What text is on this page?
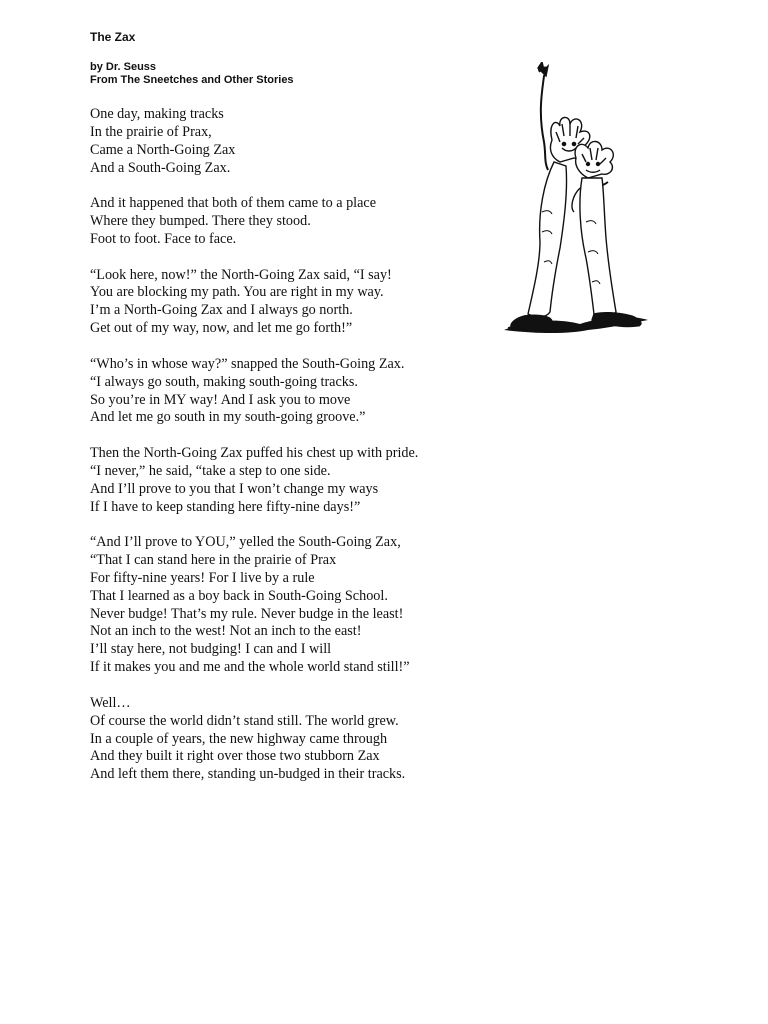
The Zax
by Dr. Seuss
From The Sneetches and Other Stories
One day, making tracks
In the prairie of Prax,
Came a North-Going Zax
And a South-Going Zax.
And it happened that both of them came to a place
Where they bumped. There they stood.
Foot to foot. Face to face.
“Look here, now!” the North-Going Zax said, “I say!
You are blocking my path. You are right in my way.
I’m a North-Going Zax and I always go north.
Get out of my way, now, and let me go forth!”
“Who’s in whose way?” snapped the South-Going Zax.
“I always go south, making south-going tracks.
So you’re in MY way! And I ask you to move
And let me go south in my south-going groove.”
Then the North-Going Zax puffed his chest up with pride.
“I never,” he said, “take a step to one side.
And I’ll prove to you that I won’t change my ways
If I have to keep standing here fifty-nine days!”
“And I’ll prove to YOU,” yelled the South-Going Zax,
“That I can stand here in the prairie of Prax
For fifty-nine years! For I live by a rule
That I learned as a boy back in South-Going School.
Never budge! That’s my rule. Never budge in the least!
Not an inch to the west! Not an inch to the east!
I’ll stay here, not budging! I can and I will
If it makes you and me and the whole world stand still!”
Well…
Of course the world didn’t stand still. The world grew.
In a couple of years, the new highway came through
And they built it right over those two stubborn Zax
And left them there, standing un-budged in their tracks.
